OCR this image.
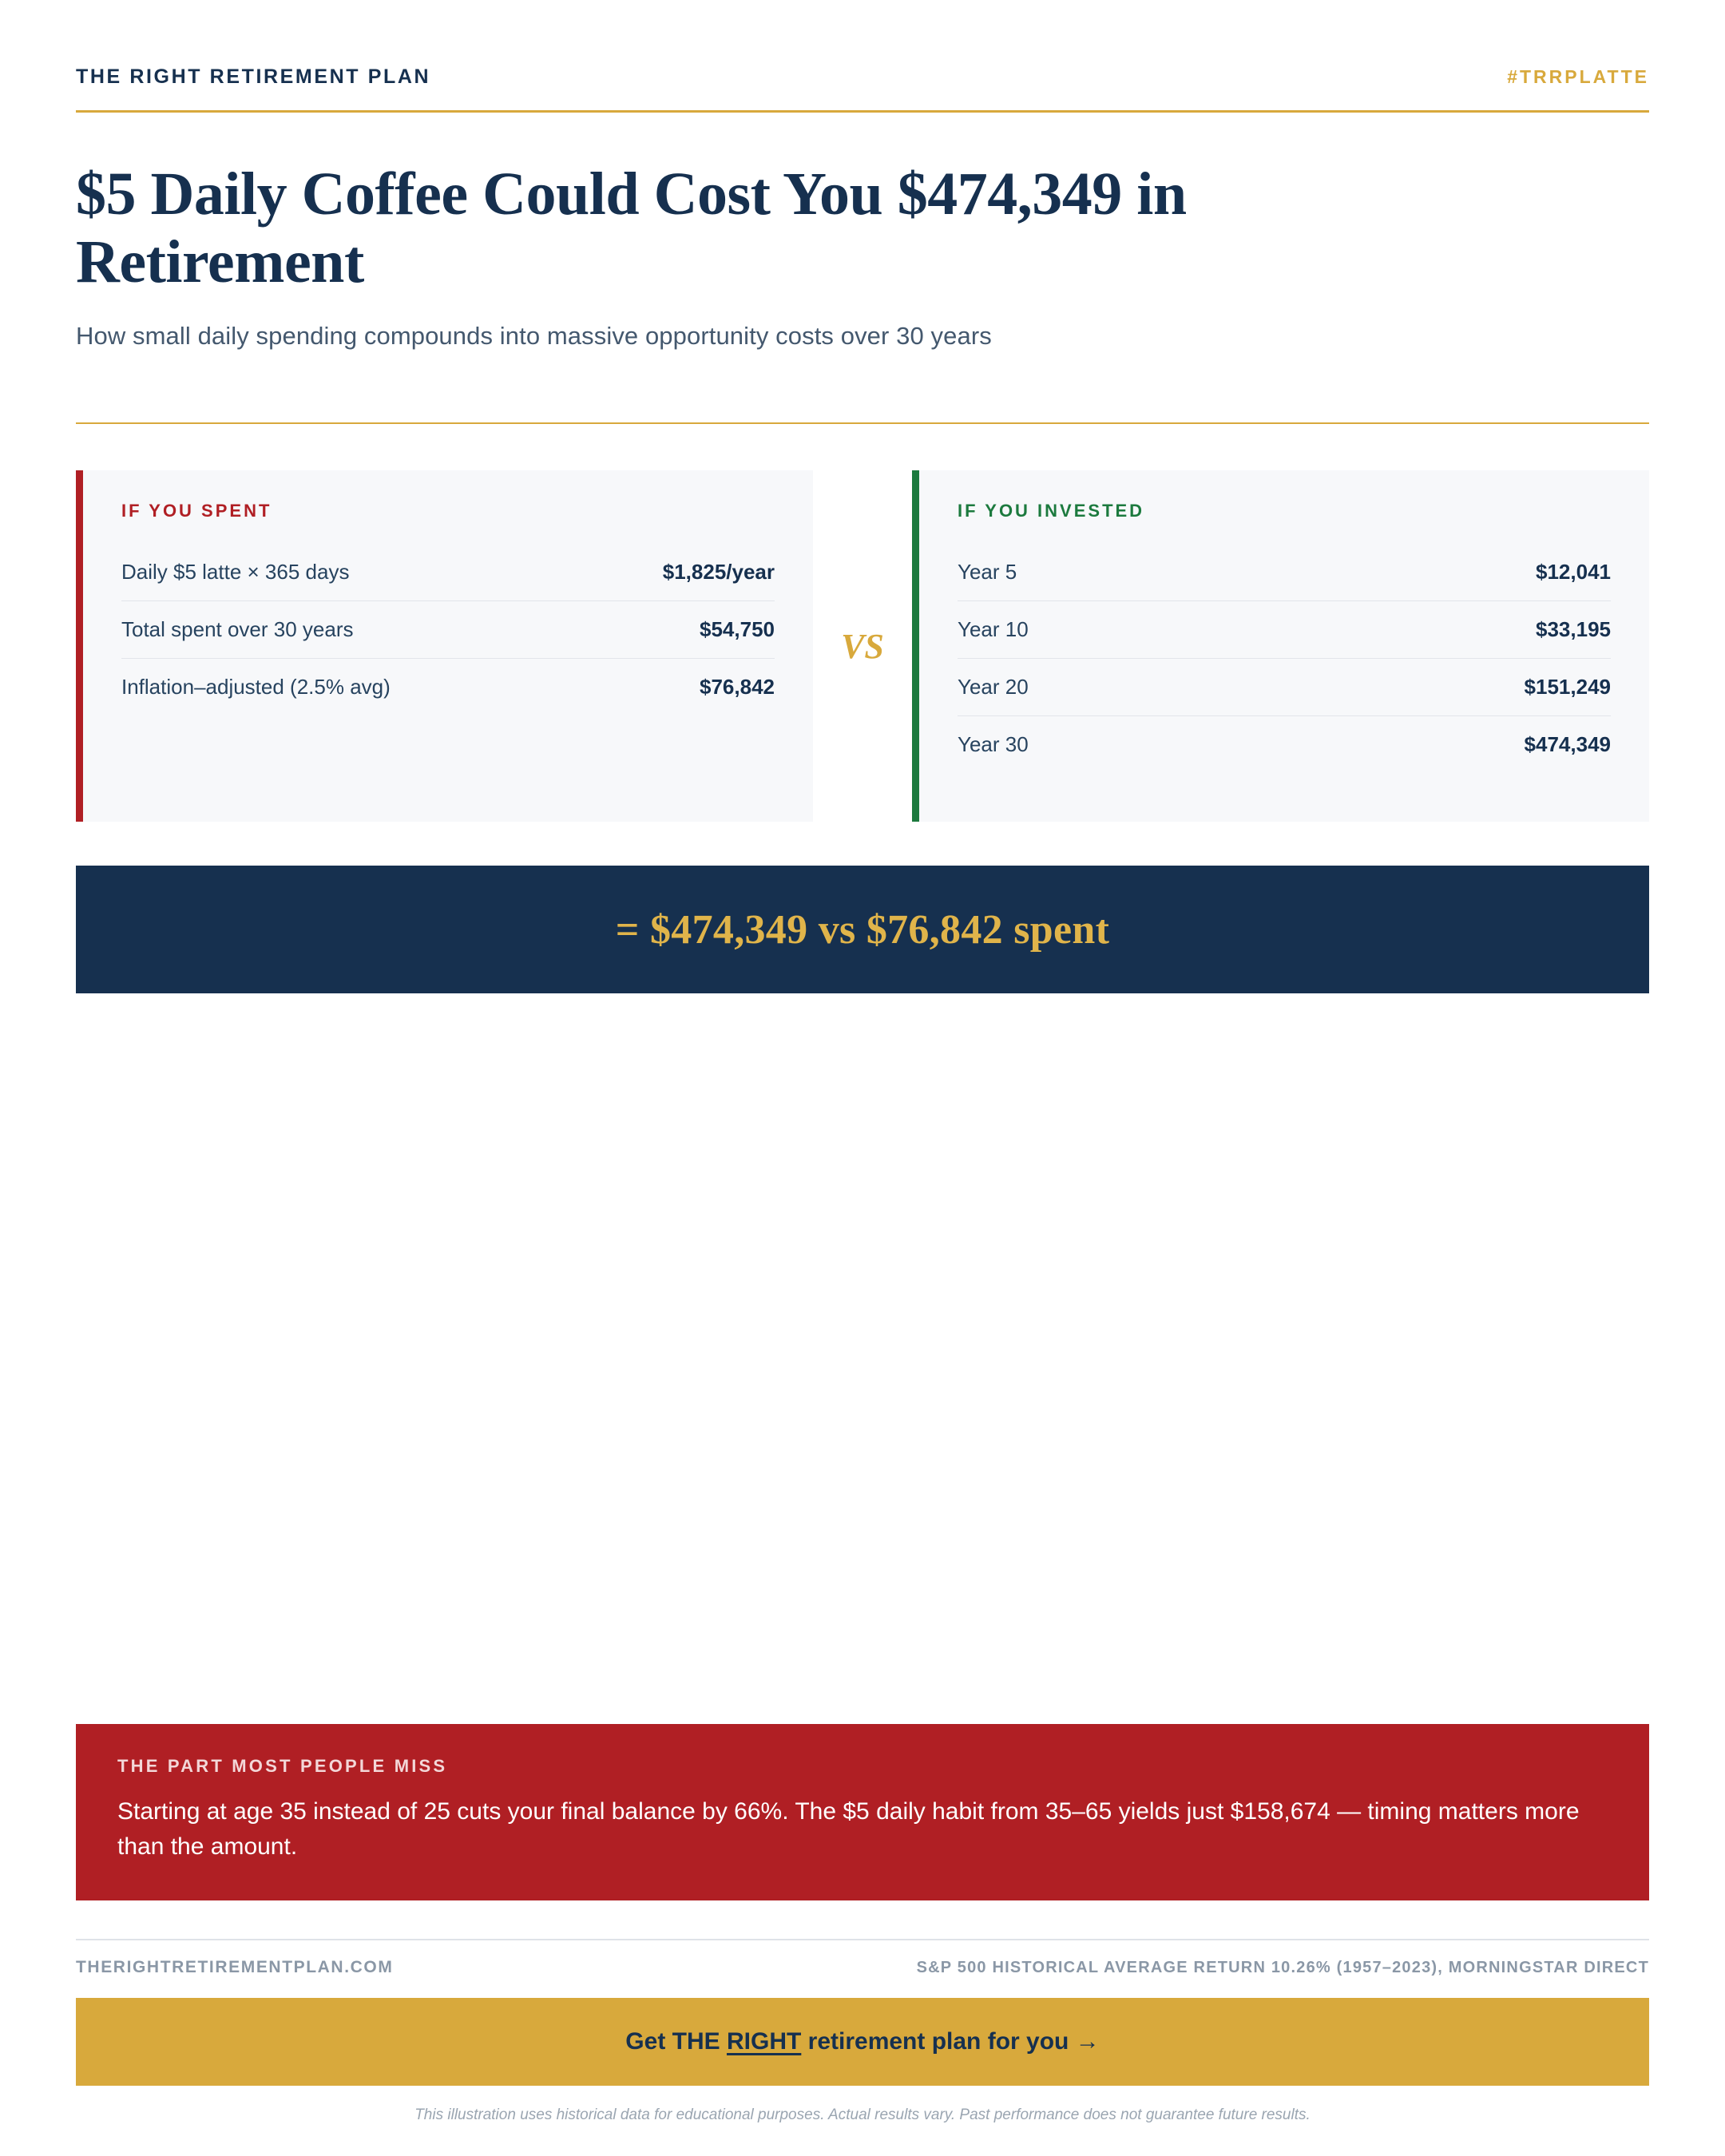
THE RIGHT RETIREMENT PLAN	#TRRPLATTE
$5 Daily Coffee Could Cost You $474,349 in Retirement
How small daily spending compounds into massive opportunity costs over 30 years
IF YOU SPENT
Daily $5 latte × 365 days	$1,825/year
Total spent over 30 years	$54,750
Inflation–adjusted (2.5% avg)	$76,842
VS
IF YOU INVESTED
Year 5	$12,041
Year 10	$33,195
Year 20	$151,249
Year 30	$474,349
= $474,349 vs $76,842 spent
THE PART MOST PEOPLE MISS
Starting at age 35 instead of 25 cuts your final balance by 66%. The $5 daily habit from 35–65 yields just $158,674 — timing matters more than the amount.
THERIGHTRETIREMENTPLAN.COM	S&P 500 HISTORICAL AVERAGE RETURN 10.26% (1957–2023), MORNINGSTAR DIRECT
Get THE RIGHT retirement plan for you →
This illustration uses historical data for educational purposes. Actual results vary. Past performance does not guarantee future results.
